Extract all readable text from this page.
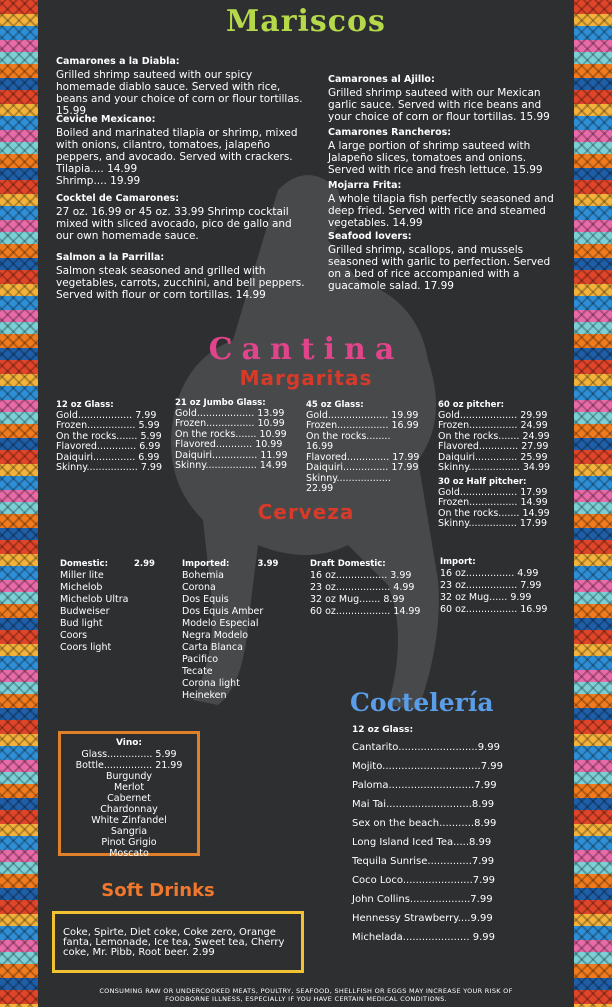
Mariscos
Camarones a la Diabla:
Grilled shrimp sauteed with our spicy homemade diablo sauce. Served with rice, beans and your choice of corn or flour tortillas. 15.99
Ceviche Mexicano:
Boiled and marinated tilapia or shrimp, mixed with onions, cilantro, tomatoes, jalapeño peppers, and avocado. Served with crackers.
Tilapia.... 14.99
Shrimp.... 19.99
Cocktel de Camarones:
27 oz. 16.99 or 45 oz. 33.99 Shrimp cocktail mixed with sliced avocado, pico de gallo and our own homemade sauce.
Salmon a la Parrilla:
Salmon steak seasoned and grilled with vegetables, carrots, zucchini, and bell peppers. Served with flour or corn tortillas. 14.99
Camarones al Ajillo:
Grilled shrimp sauteed with our Mexican garlic sauce. Served with rice beans and your choice of corn or flour tortillas. 15.99
Camarones Rancheros:
A large portion of shrimp sauteed with Jalapeño slices, tomatoes and onions. Served with rice and fresh lettuce. 15.99
Mojarra Frita:
A whole tilapia fish perfectly seasoned and deep fried. Served with rice and steamed vegetables. 14.99
Seafood lovers:
Grilled shrimp, scallops, and mussels seasoned with garlic to perfection. Served on a bed of rice accompanied with a guacamole salad. 17.99
Cantina
Margaritas
12 oz Glass:
Gold.................. 7.99
Frozen................ 5.99
On the rocks....... 5.99
Flavored............. 6.99
Daiquiri.............. 6.99
Skinny................. 7.99
21 oz Jumbo Glass:
Gold................... 13.99
Frozen................ 10.99
On the rocks....... 10.99
Flavored............ 10.99
Daiquiri............... 11.99
Skinny................. 14.99
45 oz Glass:
Gold.................... 19.99
Frozen................. 16.99
On the rocks........ 16.99
Flavored.............. 17.99
Daiquiri............... 17.99
Skinny.................. 22.99
60 oz pitcher:
Gold................... 29.99
Frozen................ 24.99
On the rocks....... 24.99
Flavored............. 27.99
Daiquiri.............. 25.99
Skinny................. 34.99
30 oz Half pitcher:
Gold................... 17.99
Frozen................ 14.99
On the rocks....... 14.99
Skinny................ 17.99
Cerveza
Domestic:	2.99
Miller lite
Michelob
Michelob Ultra
Budweiser
Bud light
Coors
Coors light
Imported:	3.99
Bohemia
Corona
Dos Equis
Dos Equis Amber
Modelo Especial
Negra Modelo
Carta Blanca
Pacifico
Tecate
Corona light
Heineken
Draft Domestic:
16 oz................. 3.99
23 oz.................. 4.99
32 oz Mug....... 8.99
60 oz.................. 14.99
Import:
16 oz................ 4.99
23 oz................. 7.99
32 oz Mug...... 9.99
60 oz................. 16.99
Vino:
Glass............... 5.99
Bottle................ 21.99
Burgundy
Merlot
Cabernet
Chardonnay
White Zinfandel
Sangria
Pinot Grigio
Moscato
Coctelería
12 oz Glass:
Cantarito.........................9.99
Mojito...............................7.99
Paloma...........................7.99
Mai Tai...........................8.99
Sex on the beach...........8.99
Long Island Iced Tea.....8.99
Tequila Sunrise..............7.99
Coco Loco......................7.99
John Collins...................7.99
Hennessy Strawberry....9.99
Michelada..................... 9.99
Soft Drinks
Coke, Spirte, Diet coke, Coke zero, Orange fanta, Lemonade, Ice tea, Sweet tea, Cherry coke, Mr. Pibb, Root beer. 2.99
CONSUMING RAW OR UNDERCOOKED MEATS, POULTRY, SEAFOOD, SHELLFISH OR EGGS MAY INCREASE YOUR RISK OF
FOODBORNE ILLNESS, ESPECIALLY IF YOU HAVE CERTAIN MEDICAL CONDITIONS.
